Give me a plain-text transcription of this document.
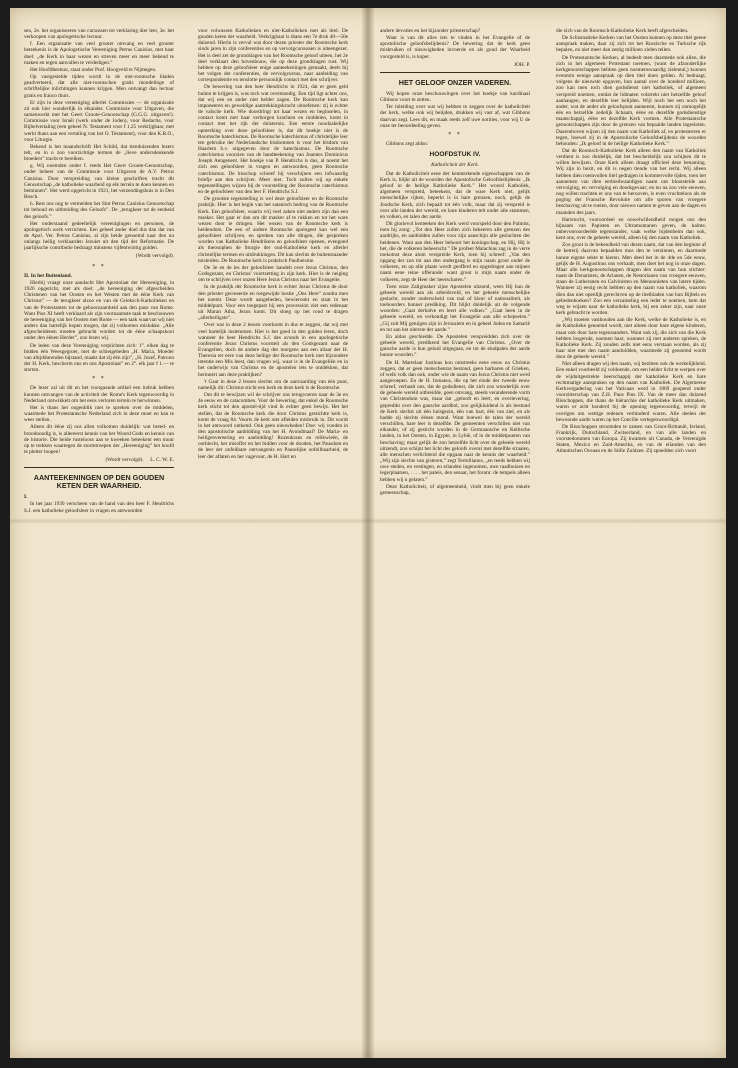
sen, 2e. het organiseeren van cursussen tot verklaring dier leer, 3e. het verkoopen van apologetische lectuur.

f. Een organisatie van veel grooter omvang en veel grooter beteekenis is de Apologetische Vereeniging Petrus Canisius, met haar doel: „de Kerk in haar wezen en streven meer en meer bekend te maken en tegen aanvallen te verdedigen.”

Het Hoofdbestuur, staat onder Prof. Hoogveld te Nijmegen.

Op vastgestelde tijden wordt in de niet-roomsche bladen geadverteerd, dat alle niet-roomschen gratis mondelinge of schriftelijke inlichtingen kunnen krijgen. Men ontvangt dan lectuur gratis en franco thuis.

Er zijn in deze vereeniging allerlei Commissies — de organisatie zit ook hier wonderlijk in elkander. Commissie voor Uitgaven, die samenwerkt met het Geert Groote-Genootschap (G.G.G. uitgaven!). Commissie voor Israël (werk onder de Joden), voor Redactie, voor Bijbelvertaling (een geheel N. Testament voor f 1.25 verkrijgbaar, met werkt thans aan een vertaling van het O. Testament), voor den K.R.O., voor Liturgie.

Bekend is het maandschrift Het Schild, dat tienduizenden lezers telt, en in o zoo voorzichtige termen de „lieve andersdenkende broeders” tracht te bereiken.

g. Wij noemden onder f. reeds Het Geert Groote-Genootschap, onder beheer van de Commissie voor Uitgaven de A.V. Petrus Canisius. Door verspreiding van kleine geschriften tracht dit Genootschap „de katholieke waarheid op elk terrein te doen kennen en beminnen”. Het werd opgericht in 1921, het verzendingshuis is in Den Bosch.

h. Rest ons nog te vermelden het Sint Petrus Canisius Genootschap tot behoud en uitbreiding des Geloofs”. De „terugkeer tot de eenheid des geloofs.”

Het onderstaand gedeeltelijk vereenigingen en personen, de apologetisch werk verrichten. Een geheel ander doel dus dan dat van de Apol. Ver. Petrus Canisius, al zijn beide genoemd naar den nu onlangs heilig verklaarden Jezuiet uit den tijd der Reformatie. De jaarlijksche contributie bedraagt minstens vijfentwintig gulden.

(Wordt vervolgd).
* *

II. In het Buitenland.

Hierbij vraagt onze aandacht Het Apostolaat der Hereeniging, in 1926 opgericht, met als doel: „de hereeniging der afgescheiden Christenen van het Oosten en het Westen met de ééne Kerk van Christus” — de terugkeer alzoo en van de Grieksch-Katholieken en van de Protestanten tot de gehoorzaamheid aan den paus van Rome. Want Pius XI heeft verklaard als zijn voornaamste taak te beschouwen de hereeniging van het Oosten met Rome — een taak waarvan wij niet anders dan hartelijk hopen mogen, dat zij volkomen mislukke. „Alle afgescheidenen moeten gebracht worden tot de ééne schaapskooi onder den éénen Herder”, zoo lezen wij.

De leden van deze Vereeniging verplichten zich: 1°. elken dag te bidden één Weesgegroet, met de schietgebeden „H. Maria, Moeder van altijddurenden bijstand, maakt dat zij één zijn”, „H. Jozef, Patroon der H. Kerk, bescherm ons en ons Apostolaat” en 2°. elk jaar f 1.— te storten.

* *

De lezer zal uit dit en het voorgaande artikel een indruk hebben kunnen ontvangen van de activiteit der Rome's Kerk tegenwoordig in Nederland ontwikkelt om het eens verloren terrein te herwinnen.

Het is thans het oogenblik niet te spreken over de middelen, waarmede het Protestantsche Nederland zich in deze moet en kan te weer stellen.

Alleen dit ééne zij ons allen volkomen duidelijk: wat breed- en broodnoodig is, is allereerst kennis van het Woord Gods en kennis van de historie. Die beide rustelooss aan te kweeken beteekent een muur op te trekken waartegen de stormtroepen der „Hereeniging” het hoofd te pletter loopen!

(Wordt vervolgd). L. C. W. E.
AANTEEKENINGEN OP DEN GOUDEN KETEN DER WAARHEID.

I.

In het jaar 1930 verscheen van de hand van den heer F. Hendrichs S.J. een katholieke geloofsleer in vragen en antwoorden

voor volwassen Katholieken en niet-Katholieken met als titel: De gouden keten der waarheid. Verkrijgbaar is thans een 7e druk 40—50e duizend. Hierin is verval wat door dezen priester der Roomsche kerk sinds jaren in zijn conferenties en op vervolgcursussen is uiteengezet. Het is deel zet de grondslagen van het Roomsche geloof uiteen, het 2e deel verklaart den bovenbouw, die op deze grondslagen rust. Wij hebben op deze geloofsleer enige aanteekeningen gemaakt, deels bij het volgen der conferenties, de vervolgcursus, naar aanleiding van correspondentie en tenslotte persoonlijk contact met den schrijver.

De bewering van den heer Hendrichs in 1924, dat er geen geld buiten te krijgen is, was toch wat overmoedig. Een tijd ligt achter ons, dat wij een en ander niet helder zagen. De Roomsche kerk kan imponeeren en geweldige aantrekkingskracht uitoefenen: zij is echter de valsche kerk. Wie doordringt tot haar wezen en beginselen, in contact komt met haar verborgen krachten en middelen, komt in contact met het rijk der duisternis. Een eerste noodzakelijke opmerking over deze geloofsleer is, dat dit boekje niet is de Roomsche katechismus. De Roomsche katechismus of christelijke leer ten gebruike der Nederlandsche bisdommen is voor het bisdom van Haarlem b.v. uitgegeven door de katechismus. De Roomsche catechismus voorzien van de handteekening van Joannes Dominicus Joseph Aengenent. Het boekje van P. Hendrichs is dus, al noemt het zich een geloofsleer in vragen en antwoorden, geen Roomsche catechismus. De bisschop schreef bij verschijnen een lofwaardig briefje aan den schrijver. Meer niet. Toch zullen wij op enkele tegenstellingen wijzen bij de voorstelling der Roomsche catechismus en de geloofsleer van den leer F. Hendrichs S.J.

De grootste tegenstelling is wel deze geloofsleer en de Roomsche praktijk. Hier is het begin van het satanisch bedrog van de Roomsche Kerk. Een geloofsleer, waarin vrij veel zaken niet anders zijn dan een masker. Het gaat er dan om dit masker af te rukken en tot het ware wezen door te dringen. Het wezen van de Roomsche kerk is heidendom. De een of andere Roomsche apologeet kan wel een geloofsleer schrijven, en spreken van alle dingen, die gespreken worden van Katholieke Hendrikens en geloofsleer openen, evengoed als theosophen de liturgie der oud-Katholieke kerk en allerlei christelijke termen en uitdrukkingen. Dit kan slechts de buitenstaander misleiden. De Roomsche kerk is praktisch Paulheisme.

De 3e en 4e les der geloofsleer handelt over Jezus Christus, den Godsgezant, en Christus' voortzetting in zijn kerk. Hier is de neiging om te schrijven over onzen Here Jezus Christus naar het Evangelie.

In de praktijk der Roomsche kerk is echter Jezus Christus de door den priester gecreeerde en toegewijde hostie „Ons Here” zoodra men het noemt. Deze wordt aangebeden, bewierookt en staat in het middelpunt. Voor een toegepast bij een procession ziet een redenaar uit Maran Atha, Jezus komt. Dit sloeg op het rond te dragen „allerheiligste”.

Over wat in deze 2 lessen voorkomt in dus te zeggen, dat wij met veel hartelijk instemmen. Hier is het goed in den gulden leren, doch wanneer de heer Hendrichs S.J. des avonds in een apologetische conferentie Jezus Christus voorstelt als den Godsgezant naar de Evangelien, doch de andere dag des morgens aan een altaar der H. Theresia ter eere van deze heilige der Roomsche kerk met bijzondere intentie een Mis leest, dan vragen wij, waar is in de Evangeliën en in het onderwijs van Christus en de apostelen iets te ontdekken, dat herinnert aan deze praktijken?

't Gaat in deze 2 lessen slechts om de aanvaarding van één punt, namelijk dit: Christus sticht een kerk en deze kerk is de Roomsche.

Om dit te bewijzen wil de schrijver ons terugvoeren naar de 3e en 4e eeuw en de catacomben. Voor de bewering, dat enkel de Roomsche kerk sticht tot den apostel-tijd vind ik echter geen bewijs. Het het stellen, dat de Roomsche kerk die door Christus gestichtte kerk is, komt de vraag 84. Voorts de kerk niet afleiden misbruik in. Dit wordt in het antwoord ontkend. Ook geen nieuwheden! Doe: wij vonden in den apostolische aanbidding van het H. Avondmaal? De Maria- en heiligenvereering en aanbidding! Rozenkrans en relikwieën, de oorbiecht, het misoffer en het bidden voor de dooden, het Pausdom en de leer der onfeilbare ontvangenis en Pauselijke onfeilbaarheid, de leer der aflaten en het vagevuur, de H. Hart en

andere devoties en het bijzonder priesterschap?

Waar is van dit alles iets te vinden in het Evangelie of de apostolische geloofsbelijdenis? De bewering dat de kerk geen misbruiken of nieuwigheden invoerde en als goud der Waarheid voorgesteld is, is koper.

JOH. P.
HET GELOOF ONZER VADEREN.

Wij hopen onze beschouwingen over het boekje van kardinaal Gibbons voort te zetten.

Ter inleiding over wat wij hebben te zeggen over de katholiciteit der kerk, welke ook wij belijden, drukken wij vast af, wat Gibbons daarvan zegt. Lees dit, en maak reeds zelf uwe notities, voor wij U de onze ter beoordeeling geven.

* *

Gibbons zegt aldus:

HOOFDSTUK IV.
Katholiciteit der Kerk.

Dat de Katholiciteit eene der kenmerkende eigenschappen van de Kerk is, blijkt uit de woorden der Apostolische Geloofsbelijdenis: „Ik geloof in de heilige Katholieke Kerk.” Het woord Katholiek, algemeen verspreid, beteekent, dat de ware Kerk niet, gelijk menschelijke rijken, beperkt is in hare grenzen, noch, gelijk de Joodsche Kerk, zich bepaalt tot één volk, maar dat zij verspreid is over alle landen der wereld, en hare kinderen telt onder alle stammen, en volken, en talen der aarde.

Dit glorievol kenteeken der Kerk werd voorspeld door den Palmist, toen hij zong: „Tot den Heer zullen zich bekeeren alle grenzen des aardrijks, en aanbidden zullen voor zijn aanschijn alle geslachten der heidenen. Want aan den Heer behoort het koningschap, en Hij, Hij is het, die de volkeren beheerscht.” De profeet Malachias zag in de verre toekomst deze alom verspreide Kerk, toen hij schreef: „Van den opgang der zon tot aan den ondergang is mijn naam groot onder de volkeren, en op alle plaats wordt geofferd en opgedragen aan mijnen naam eene reine offerande: want groot is mijn naam onder de volkeren, zegt de Heer der heerscharen.”

Toen onze Zaligmaker zijne Apostelen uitzond, wees Hij hun de geheele wereld aan als arbeidsveld, en het geheele menschelijke geslacht, zonder onderscheid van taal of kleur of nationaliteit, als toehoorders hunner prediking. Dit blijkt duidelijk uit de volgende woorden: „Gaat derhalve en leert alle volken.” „Gaat heen in de geheele wereld, en verkondigt het Evangelie aan alle schepselen.” „Gij zult Mij getuigen zijn in Jerusalem en in geheel Judea en Samarië en tot aan het uiterste der aarde.”

En aldus geschiedde. De Apostelen verspreidden zich over de geheele wereld, predikend het Evangelie van Christus. „Over de gansche aarde is hun geluid uitgegaan, en tot de eindpalen der aarde hunne woorden.”

De H. Martelaar Justinus kon omstreeks eene eeuw na Christus zeggen, dat er geen menschenras bestond, geen barbaren of Grieken, of welk volk dan ook, onder wie de naam van Jezus Christus niet werd aangeroepen. En de H. Irenaeus, die op het einde der tweede eeuw schreef, verhaalt ons, dat de godsdienst, die zich zoo wonderlijk over de geheele wereld uitbreidde, geen omvang, steeds veranderende vorm van Christendom was, maar dat „gelooft en leert, en overlevering, gepredikt over den gansche aardbol, zoo gelijkluidend is als bestond de Kerk slechts uit één huisgezin, één van hart, één van ziel, en als hadde zij slechts éénen mond. Want hoewel de talen der wereld verschillen, hare leer is dezelfde. De gemeenten verschillen niet van elkander, of zij gesticht worden in de Germaansche en Keltische landen, in het Oosten, in Egypte, in Lybië, of in de middelpunten van beschaving; maar gelijk de zon hetzelfde licht over de geheele wereld uitzendt, zoo schijnt het licht des geloofs overal met dezelfde straalen, alle menschen verlichtend die opgaan naar de kennis der waarheid.” „Wij zijn slechts van gisteren,” zegt Tertullianus, „en reeds hebben wij uwe steden, en vestingen, en eilanden ingenomen, uwe raadhuizen en legerplaatsen, . . . . het paleis, den senaat, het forum: de tempels alleen hebben wij u gelaten.”

Deze Katholiciteit, of algemeenheid, vindt men bij geen enkele gemeenschap,

die zich van de Roomsch-Katholieke Kerk heeft afgescheiden.

De Schismatieke Kerken van het Oosten kunnen op deze titel geene aanspraak maken, daar zij zich tot het Russische en Turksche rijk bepalen, en niet meer dan zestig millioen zielen tellen.

De Protestantsche Kerken, al bedeelt men daarmede ook allen, die zich in het algemeen Protestant noemen, (want de afzonderlijke kerkgenootschappen hebben geen noemenswaardig zielental,) kunnen evenmin eenige aanspraak op dien titel doen gelden. Al bedraagt, volgens de nieuwste opgaven, hun aantal over de honderd millioen, zoo kan men toch dien godsdienst niet katholiek, of algemeen verspreid noemen, omdat de lidmaten volstrekt niet hetzelfde geloof aanhangen, en dezelfde leer belijden. Wijl noch het een noch het ander, wat de ander als geloofspunt aanneemt, kunnen zij onmogelijk één en hetzelfde zedelijk lichaam, ééne en dezelfde godsdienstige maatschappij, ééne en dezelfde Kerk vormen. Alle Protestantsche genootschappen zijn door de grenzen van bepaalde landen ingesloten. Daarenboven wijzen zij den naam van Katholiek af, en protesteeren er tegen, hoewel zij in de Apostolische Geloofsbelijdenis de woorden behouden: „Ik geloof in de heilige Katholieke Kerk.”

Dat de Roomsch-Katholieke Kerk alleen den naam van Katholiek verdient is zoo duidelijk, dat het bescheidelijk zou schijnen dit te willen bewijzen. Onze Kerk alleen draagt officieel deze benaming. Wij zijn in bezit, en dit is negen tiende van het recht. Wij alleen hebben dien roemvollen titel gedragen in kommervolle tijden, toen het aannemen van dien eerbiedwaardigen naam ons blootstelde aan vervolging, en vervolging en doodsgevaar; en nu na zoo vele eeuwen, nog willen trachten er ons van te berooven, is even vruchteloos als de poging der Fransche Revolutie om alle sporen van vroegere beschaving uit te roeien, door nieuwe namen te geven aan de dagen en maanden des jaars.

Hartstocht, vooroordeel en onwelwillendheid mogen ons den bijnaam van Papisten en Ultramontanen geven, de kalme, onbevooroordeelde tegenstander, vaak welke bijdenheim dan ook, kent ons, over de geheele wereld, alleen bij den naam van Katholiek.

Zoo groot is de bekendheid van dezen naam, dat van den beginne af de ketterij daarvan bepaalden mus den te verzinnen, en daarmede hunne eigene sekte te kieren. Men deed het in de 4de en 5de eeuw, gelijk de H. Augustinus ons verhaalt, men doet het nog in onze dagen. Maar alle kerkgenootschappen dragen den naam van hun stichter: naast de Donatisten, de Arianen, de Nestorianen van vroegere eeuwen, staan de Lutheranen en Calvinisten en Mennonieten van latere tijden. Wanneer zij eenig recht hebben op den naam van katholiek, waarom dien dan niet openlijk gerechtven op de titelbladen van hun Bijbels en gebedenboeken? Zoo een verzameling een ieder te noemen, hem dat weg te wijzen naar de katholieke kerk, bij een zeker zijn, naar onze kerk gebracht te worden.

„Wij moeten vasthouden aan die Kerk, welke de Katholieke is, en de Katholieke genoemd wordt, niet alleen door hare eigene kinderen, maar ook door hare tegenstanders. Want ook zij, die zich van die Kerk hebben losgerukt, noemen haar, wanneer zij met anderen spreken, de Katholieke Kerk. Zij zouden zelfs niet eens verstaan worden, als zij haar niet met den naam aanduidden, waarmede zij genoemd wordt door de geheele wereld.”

Niet alleen dragen wij den naam, wij bezitten ook de werkelijkheid. Een enkel voorbeeld zij voldoende, om een helder licht te werpen over de wijduitgestrekte heerschappij der katholieke Kerk en hare rechtmatige aanspraken op den naam van Katholiek. De Algemeene Kerkvergadering van het Vaticaan werd in 1869 geopend onder voorzitterschap van Z.H. Paus Pius IX. Van de meer dan duizend Bisschoppen, die thans de hiërarchie der katholieke Kerk uitmaken, waren er acht honderd bij de opening tegenwoordig, terwijl de overigen om wettige redenen verhinderd waren. Alle deelen der bewoonde aarde waren op het Concilie vertegenwoordigd.

De Bisschoppen stroomden te zamen van Groot-Brittanië, Ierland, Frankrijk, Duitschland, Zwitserland, en van alle landen en voorstedommen van Europa. Zij kwamen uit Canada, de Vereenigde Staten, Mexico en Zuid-Amerika, en van de eilanden van den Atlantischen Oceaan en de Stille Zuidzee. Zij spoedden zich voort
